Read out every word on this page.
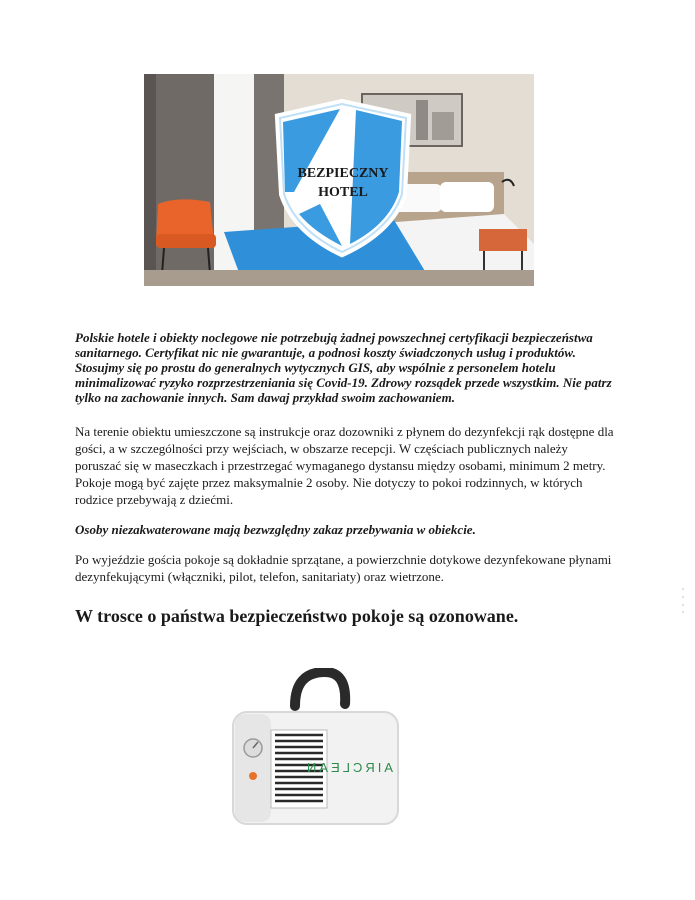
BEZPIECZNY
HOTEL

Polskie hotele i obiekty noclegowe nie potrzebują żadnej powszechnej certyfikacji bezpieczeństwa sanitarnego. Certyfikat nic nie gwarantuje, a podnosi koszty świadczonych usług i produktów.

Stosujmy się po prostu do generalnych wytycznych GIS, aby wspólnie z personelem hotelu minimalizować ryzyko rozprzestrzeniania się Covid-19. Zdrowy rozsądek przede wszystkim. Nie patrz tylko na zachowanie innych. Sam dawaj przykład swoim zachowaniem.

Na terenie obiektu umieszczone są instrukcje oraz dozowniki z płynem do dezynfekcji rąk dostępne dla gości, a w szczególności przy wejściach, w obszarze recepcji. W częściach publicznych należy poruszać się w maseczkach i przestrzegać wymaganego dystansu między osobami, minimum 2 metry. Pokoje mogą być zajęte przez maksymalnie 2 osoby. Nie dotyczy to pokoi rodzinnych, w których rodzice przebywają z dziećmi.

Osoby niezakwaterowane mają bezwzględny zakaz przebywania w obiekcie.

Po wyjeździe gościa pokoje są dokładnie sprzątane, a powierzchnie dotykowe dezynfekowane płynami dezynfekującymi (włączniki, pilot, telefon, sanitariaty) oraz wietrzone.

W trosce o państwa bezpieczeństwo pokoje są ozonowane.

AIRCLEAN
